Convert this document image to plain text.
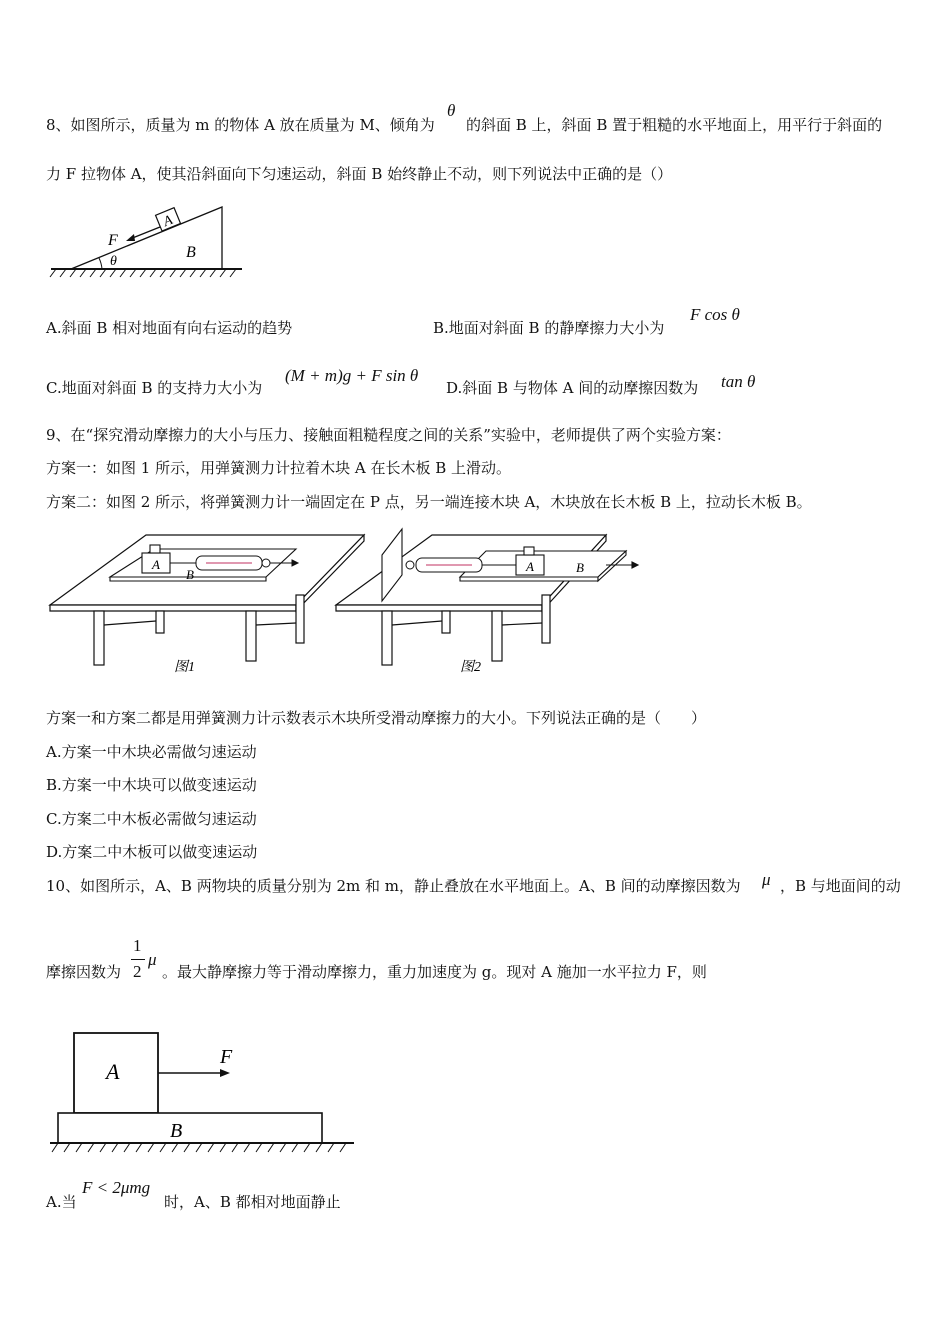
8、如图所示，质量为 m 的物体 A 放在质量为 M、倾角为
θ
的斜面 B 上，斜面 B 置于粗糙的水平地面上，用平行于斜面的
力 F 拉物体 A，使其沿斜面向下匀速运动，斜面 B 始终静止不动，则下列说法中正确的是（）
A
F
B
θ
A.斜面 B 相对地面有向右运动的趋势	B.地面对斜面 B 的静摩擦力大小为
F cos θ
C.地面对斜面 B 的支持力大小为
(M + m)g + F sin θ
D.斜面 B 与物体 A 间的动摩擦因数为 tan θ
9、在“探究滑动摩擦力的大小与压力、接触面粗糙程度之间的关系”实验中，老师提供了两个实验方案：
方案一：如图 1 所示，用弹簧测力计拉着木块 A 在长木板 B 上滑动。
方案二：如图 2 所示，将弹簧测力计一端固定在 P 点，另一端连接木块 A，木块放在长木板 B 上，拉动长木板 B。
A
B
图1
A	B
图2
方案一和方案二都是用弹簧测力计示数表示木块所受滑动摩擦力的大小。下列说法正确的是（　　）
A.方案一中木块必需做匀速运动
B.方案一中木块可以做变速运动
C.方案二中木板必需做匀速运动
D.方案二中木板可以做变速运动
10、如图所示，A、B 两物块的质量分别为 2m 和 m，静止叠放在水平地面上。A、B 间的动摩擦因数为 μ ，B 与地面间的动
摩擦因数为
1
2
μ
。最大静摩擦力等于滑动摩擦力，重力加速度为 g。现对 A 施加一水平拉力 F，则
A
F
B
A.当
F < 2μmg
时，A、B 都相对地面静止
